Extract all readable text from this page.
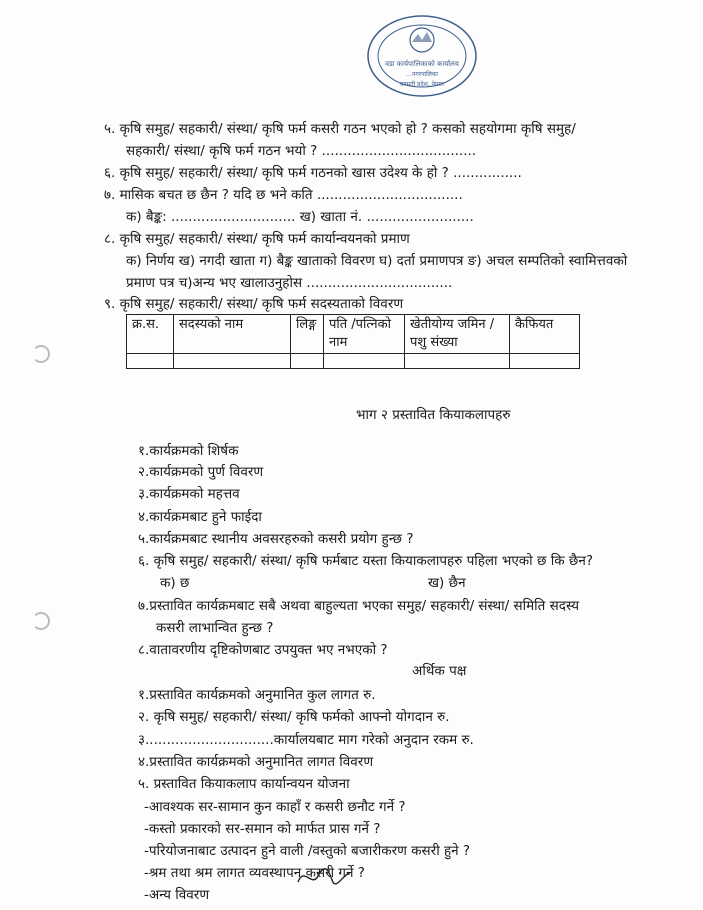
वडा कार्यपालिकाको कार्यालय
…नगरपालिका
वाग्मती प्रदेश, नेपाल
५. कृषि समुह/ सहकारी/ संस्था/ कृषि फर्म कसरी गठन भएको हो ? कसको सहयोगमा कृषि समुह/
सहकारी/ संस्था/ कृषि फर्म गठन भयो ? ....................................
६. कृषि समुह/ सहकारी/ संस्था/ कृषि फर्म गठनको खास उदेश्य के हो ? ................
७. मासिक बचत छ छैन ? यदि छ भने कति ..................................
क) बैङ्क: ............................. ख) खाता नं. .........................
८. कृषि समुह/ सहकारी/ संस्था/ कृषि फर्म कार्यान्वयनको प्रमाण
क) निर्णय ख) नगदी खाता ग) बैङ्क खाताको विवरण घ) दर्ता प्रमाणपत्र ङ) अचल सम्पतिको स्वामित्तवको
प्रमाण पत्र च)अन्य भए खालाउनुहोस ..................................
९. कृषि समुह/ सहकारी/ संस्था/ कृषि फर्म सदस्यताको विवरण
क्र.स.	सदस्यको नाम	लिङ्ग	पति /पत्निको नाम	खेतीयोग्य जमिन /पशु संख्या	कैफियत

भाग २ प्रस्तावित कियाकलापहरु
१.कार्यक्रमको शिर्षक
२.कार्यक्रमको पुर्ण विवरण
३.कार्यक्रमको महत्तव
४.कार्यक्रमबाट हुने फाईदा
५.कार्यक्रमबाट स्थानीय अवसरहरुको कसरी प्रयोग हुन्छ ?
६. कृषि समुह/ सहकारी/ संस्था/ कृषि फर्मबाट यस्ता कियाकलापहरु पहिला भएको छ कि छैन?
क) छ	ख) छैन
७.प्रस्तावित कार्यक्रमबाट सबै अथवा बाहुल्यता भएका समुह/ सहकारी/ संस्था/ समिति सदस्य
कसरी लाभान्वित हुन्छ ?
८.वातावरणीय दृष्टिकोणबाट उपयुक्त भए नभएको ?
अर्थिक पक्ष
१.प्रस्तावित कार्यक्रमको अनुमानित कुल लागत रु.
२. कृषि समुह/ सहकारी/ संस्था/ कृषि फर्मको आफ्नो योगदान रु.
३..............................कार्यालयबाट माग गरेको अनुदान रकम रु.
४.प्रस्तावित कार्यक्रमको अनुमानित लागत विवरण
५. प्रस्तावित कियाकलाप कार्यान्वयन योजना
-आवश्यक सर-सामान कुन काहाँ र कसरी छनौट गर्ने ?
-कस्तो प्रकारको सर-समान को मार्फत प्रास गर्ने ?
-परियोजनाबाट उत्पादन हुने वाली /वस्तुको बजारीकरण कसरी हुने ?
-श्रम तथा श्रम लागत व्यवस्थापन कसरी गर्ने ?
-अन्य विवरण
